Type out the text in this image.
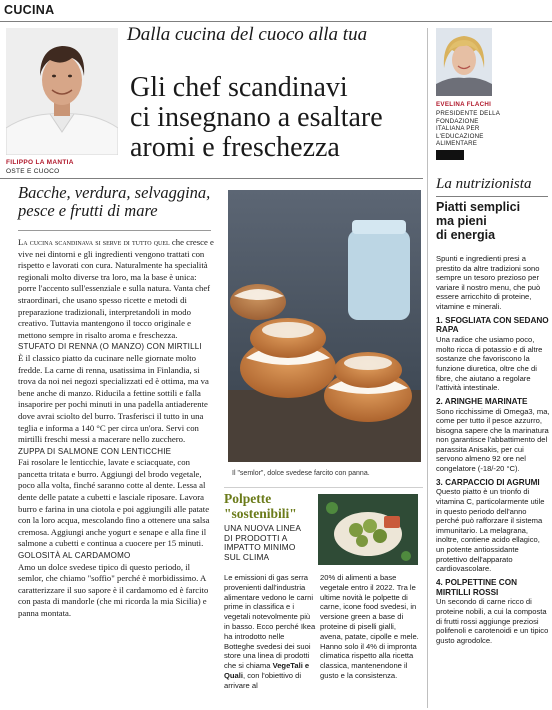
CUCINA
FILIPPO LA MANTIA
OSTE E CUOCO
Dalla cucina del cuoco alla tua
Gli chef scandinavi
ci insegnano a esaltare
aromi e freschezza
EVELINA FLACHI
PRESIDENTE DELLA
FONDAZIONE
ITALIANA PER
L'EDUCAZIONE
ALIMENTARE
Bacche, verdura, selvaggina,
pesce e frutti di mare
La cucina scandinava si serve di tutto quel che cresce e vive nei dintorni e gli ingredienti vengono trattati con rispetto e lavorati con cura. Naturalmente ha specialità regionali molto diverse tra loro, ma la base è unica: porre l'accento sull'essenziale e sulla natura. Vanta chef straordinari, che usano spesso ricette e metodi di preparazione tradizionali, interpretandoli in modo creativo. Tuttavia mantengono il tocco originale e mettono sempre in risalto aroma e freschezza.
STUFATO DI RENNA (O MANZO) CON MIRTILLI
È il classico piatto da cucinare nelle giornate molto fredde. La carne di renna, usatissima in Finlandia, si trova da noi nei negozi specializzati ed è ottima, ma va bene anche di manzo. Riducila a fettine sottili e falla insaporire per pochi minuti in una padella antiaderente dove avrai sciolto del burro. Trasferisci il tutto in una teglia e informa a 140 °C per circa un'ora. Servi con mirtilli freschi messi a macerare nello zucchero.
ZUPPA DI SALMONE CON LENTICCHIE
Fai rosolare le lenticchie, lavate e sciacquate, con pancetta tritata e burro. Aggiungi del brodo vegetale, poco alla volta, finché saranno cotte al dente. Lessa al dente delle patate a cubetti e lasciale riposare. Lavora burro e farina in una ciotola e poi aggiungili alle patate con la loro acqua, mescolando fino a ottenere una salsa cremosa. Aggiungi anche yogurt e senape e alla fine il salmone a cubetti e continua a cuocere per 15 minuti.
GOLOSITÀ AL CARDAMOMO
Amo un dolce svedese tipico di questo periodo, il semlor, che chiamo "soffio" perché è morbidissimo. A caratterizzare il suo sapore è il cardamomo ed è farcito con pasta di mandorle (che mi ricorda la mia Sicilia) e panna montata.
Il "semlor", dolce svedese farcito con panna.
Polpette
"sostenibili"
UNA NUOVA LINEA
DI PRODOTTI A
IMPATTO MINIMO
SUL CLIMA
Le emissioni di gas serra provenienti dall'industria alimentare vedono le carni prime in classifica e i vegetali notevolmente più in basso. Ecco perché Ikea ha introdotto nelle Botteghe svedesi dei suoi store una linea di prodotti che si chiama VegeTali e Quali, con l'obiettivo di arrivare al
20% di alimenti a base vegetale entro il 2022. Tra le ultime novità le polpette di carne, icone food svedesi, in versione green a base di proteine di piselli gialli, avena, patate, cipolle e mele. Hanno solo il 4% di impronta climatica rispetto alla ricetta classica, mantenendone il gusto e la consistenza.
La nutrizionista
Piatti semplici
ma pieni
di energia

Spunti e ingredienti presi a prestito da altre tradizioni sono sempre un tesoro prezioso per variare il nostro menu, che può essere arricchito di proteine, vitamine e minerali.

1. SFOGLIATA CON SEDANO RAPA
Una radice che usiamo poco, molto ricca di potassio e di altre sostanze che favoriscono la funzione diuretica, oltre che di fibre, che aiutano a regolare l'attività intestinale.

2. ARINGHE MARINATE
Sono ricchissime di Omega3, ma, come per tutto il pesce azzurro, bisogna sapere che la marinatura non garantisce l'abbattimento del parassita Anisakis, per cui servono almeno 92 ore nel congelatore (-18/-20 °C).

3. CARPACCIO DI AGRUMI
Questo piatto è un trionfo di vitamina C, particolarmente utile in questo periodo dell'anno perché può rafforzare il sistema immunitario. La melagrana, inoltre, contiene acido ellagico, un potente antiossidante protettivo dell'apparato cardiovascolare.

4. POLPETTINE CON MIRTILLI ROSSI
Un secondo di carne ricco di proteine nobili, a cui la composta di frutti rossi aggiunge preziosi polifenoli e carotenoidi e un tipico gusto agrodolce.
